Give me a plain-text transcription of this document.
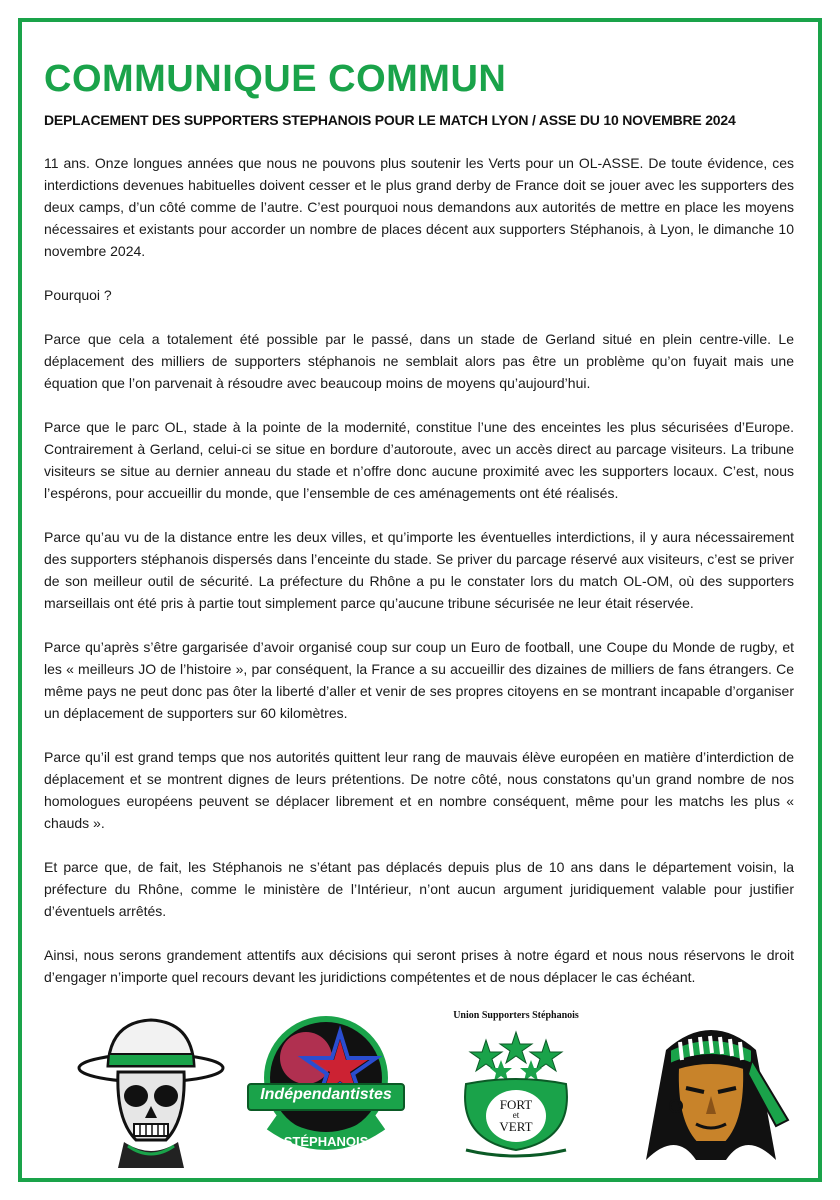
COMMUNIQUE COMMUN
DEPLACEMENT DES SUPPORTERS STEPHANOIS POUR LE MATCH LYON / ASSE DU 10 NOVEMBRE 2024

11 ans. Onze longues années que nous ne pouvons plus soutenir les Verts pour un OL-ASSE. De toute évidence, ces interdictions devenues habituelles doivent cesser et le plus grand derby de France doit se jouer avec les supporters des deux camps, d’un côté comme de l’autre. C’est pourquoi nous demandons aux autorités de mettre en place les moyens nécessaires et existants pour accorder un nombre de places décent aux supporters Stéphanois, à Lyon, le dimanche 10 novembre 2024.

Pourquoi ?

Parce que cela a totalement été possible par le passé, dans un stade de Gerland situé en plein centre-ville. Le déplacement des milliers de supporters stéphanois ne semblait alors pas être un problème qu’on fuyait mais une équation que l’on parvenait à résoudre avec beaucoup moins de moyens qu’aujourd’hui.

Parce que le parc OL, stade à la pointe de la modernité, constitue l’une des enceintes les plus sécurisées d’Europe. Contrairement à Gerland, celui-ci se situe en bordure d’autoroute, avec un accès direct au parcage visiteurs. La tribune visiteurs se situe au dernier anneau du stade et n’offre donc aucune proximité avec les supporters locaux. C’est, nous l’espérons, pour accueillir du monde, que l’ensemble de ces aménagements ont été réalisés.

Parce qu’au vu de la distance entre les deux villes, et qu’importe les éventuelles interdictions, il y aura nécessairement des supporters stéphanois dispersés dans l’enceinte du stade. Se priver du parcage réservé aux visiteurs, c’est se priver de son meilleur outil de sécurité. La préfecture du Rhône a pu le constater lors du match OL-OM, où des supporters marseillais ont été pris à partie tout simplement parce qu’aucune tribune sécurisée ne leur était réservée.

Parce qu’après s’être gargarisée d’avoir organisé coup sur coup un Euro de football, une Coupe du Monde de rugby, et les « meilleurs JO de l’histoire », par conséquent, la France a su accueillir des dizaines de milliers de fans étrangers. Ce même pays ne peut donc pas ôter la liberté d’aller et venir de ses propres citoyens en se montrant incapable d’organiser un déplacement de supporters sur 60 kilomètres.

Parce qu’il est grand temps que nos autorités quittent leur rang de mauvais élève européen en matière d’interdiction de déplacement et se montrent dignes de leurs prétentions. De notre côté, nous constatons qu’un grand nombre de nos homologues européens peuvent se déplacer librement et en nombre conséquent, même pour les matchs les plus « chauds ».

Et parce que, de fait, les Stéphanois ne s’étant pas déplacés depuis plus de 10 ans dans le département voisin, la préfecture du Rhône, comme le ministère de l’Intérieur, n’ont aucun argument juridiquement valable pour justifier d’éventuels arrêtés.

Ainsi, nous serons grandement attentifs aux décisions qui seront prises à notre égard et nous nous réservons le droit d’engager n’importe quel recours devant les juridictions compétentes et de nous déplacer le cas échéant.

Indépendantistes
STÉPHANOIS 98
Union Supporters Stéphanois
FORT
et
VERT
